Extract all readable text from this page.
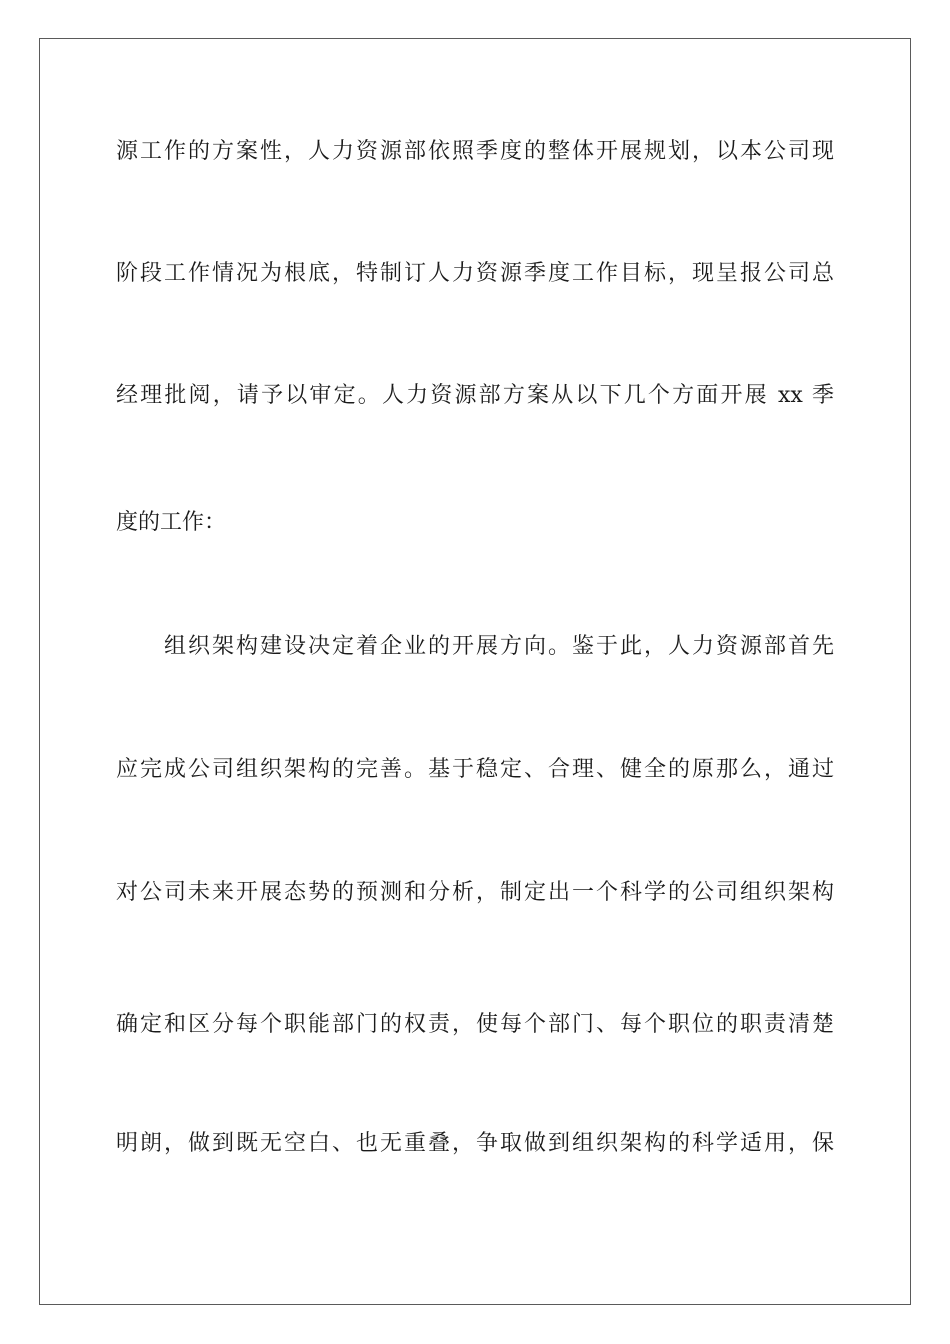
源工作的方案性，人力资源部依照季度的整体开展规划，以本公司现
阶段工作情况为根底，特制订人力资源季度工作目标，现呈报公司总
经理批阅，请予以审定。人力资源部方案从以下几个方面开展 xx 季
度的工作：
组织架构建设决定着企业的开展方向。鉴于此，人力资源部首先
应完成公司组织架构的完善。基于稳定、合理、健全的原那么，通过
对公司未来开展态势的预测和分析，制定出一个科学的公司组织架构
确定和区分每个职能部门的权责，使每个部门、每个职位的职责清楚
明朗，做到既无空白、也无重叠，争取做到组织架构的科学适用，保
